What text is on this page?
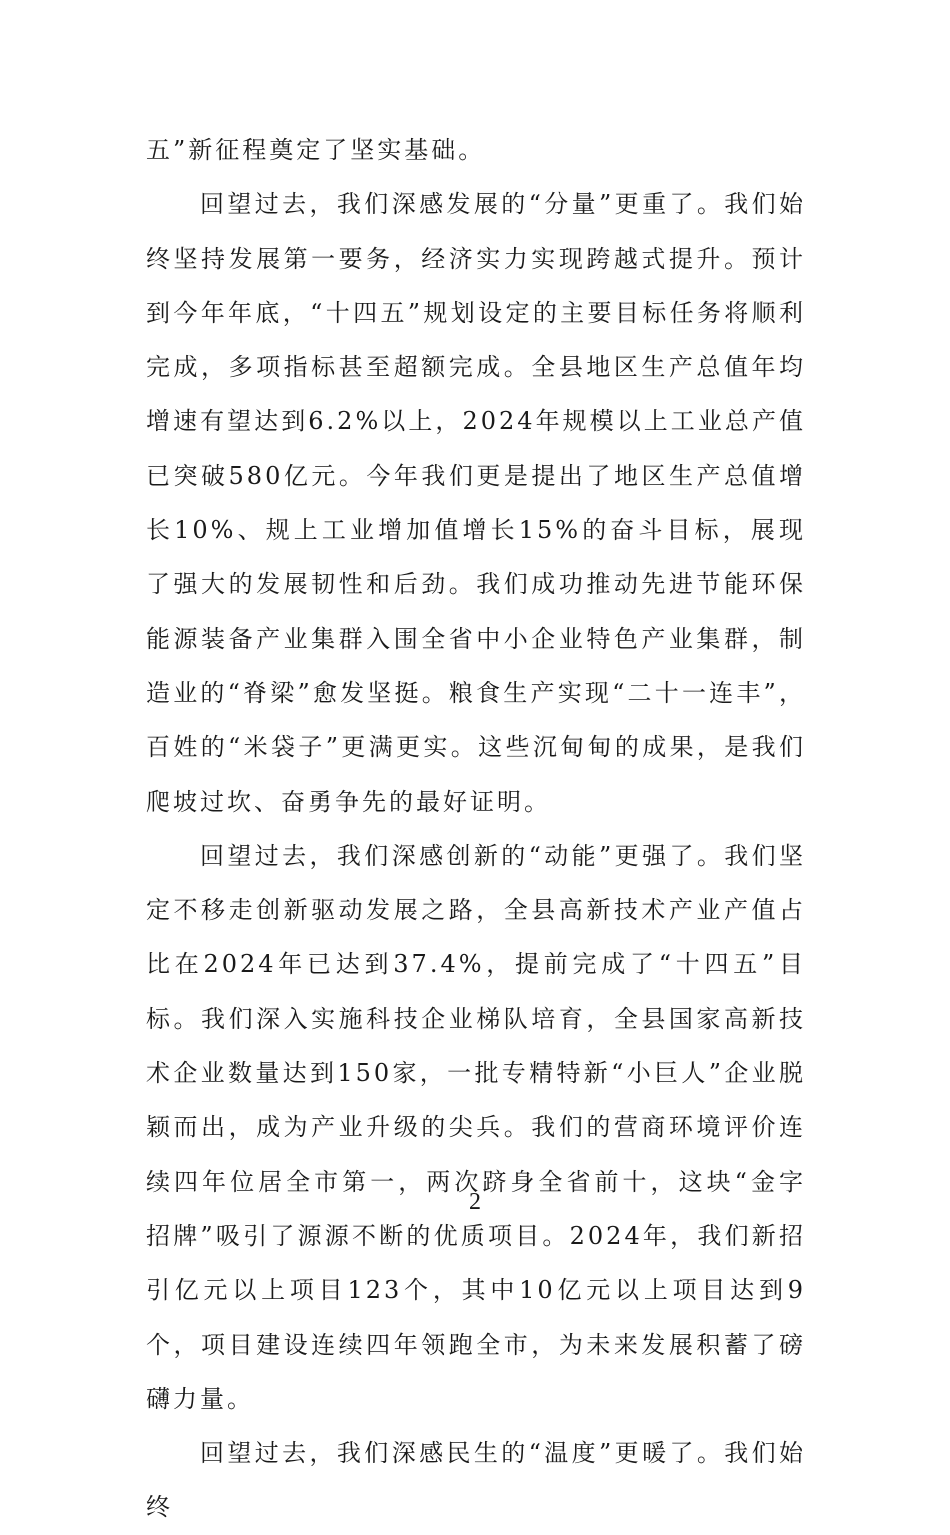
五”新征程奠定了坚实基础。

回望过去，我们深感发展的“分量”更重了。我们始终坚持发展第一要务，经济实力实现跨越式提升。预计到今年年底，“十四五”规划设定的主要目标任务将顺利完成，多项指标甚至超额完成。全县地区生产总值年均增速有望达到6.2%以上，2024年规模以上工业总产值已突破580亿元。今年我们更是提出了地区生产总值增长10%、规上工业增加值增长15%的奋斗目标，展现了强大的发展韧性和后劲。我们成功推动先进节能环保能源装备产业集群入围全省中小企业特色产业集群，制造业的“脊梁”愈发坚挺。粮食生产实现“二十一连丰”，百姓的“米袋子”更满更实。这些沉甸甸的成果，是我们爬坡过坎、奋勇争先的最好证明。

回望过去，我们深感创新的“动能”更强了。我们坚定不移走创新驱动发展之路，全县高新技术产业产值占比在2024年已达到37.4%，提前完成了“十四五”目标。我们深入实施科技企业梯队培育，全县国家高新技术企业数量达到150家，一批专精特新“小巨人”企业脱颖而出，成为产业升级的尖兵。我们的营商环境评价连续四年位居全市第一，两次跻身全省前十，这块“金字招牌”吸引了源源不断的优质项目。2024年，我们新招引亿元以上项目123个，其中10亿元以上项目达到9个，项目建设连续四年领跑全市，为未来发展积蓄了磅礴力量。

回望过去，我们深感民生的“温度”更暖了。我们始终

2
